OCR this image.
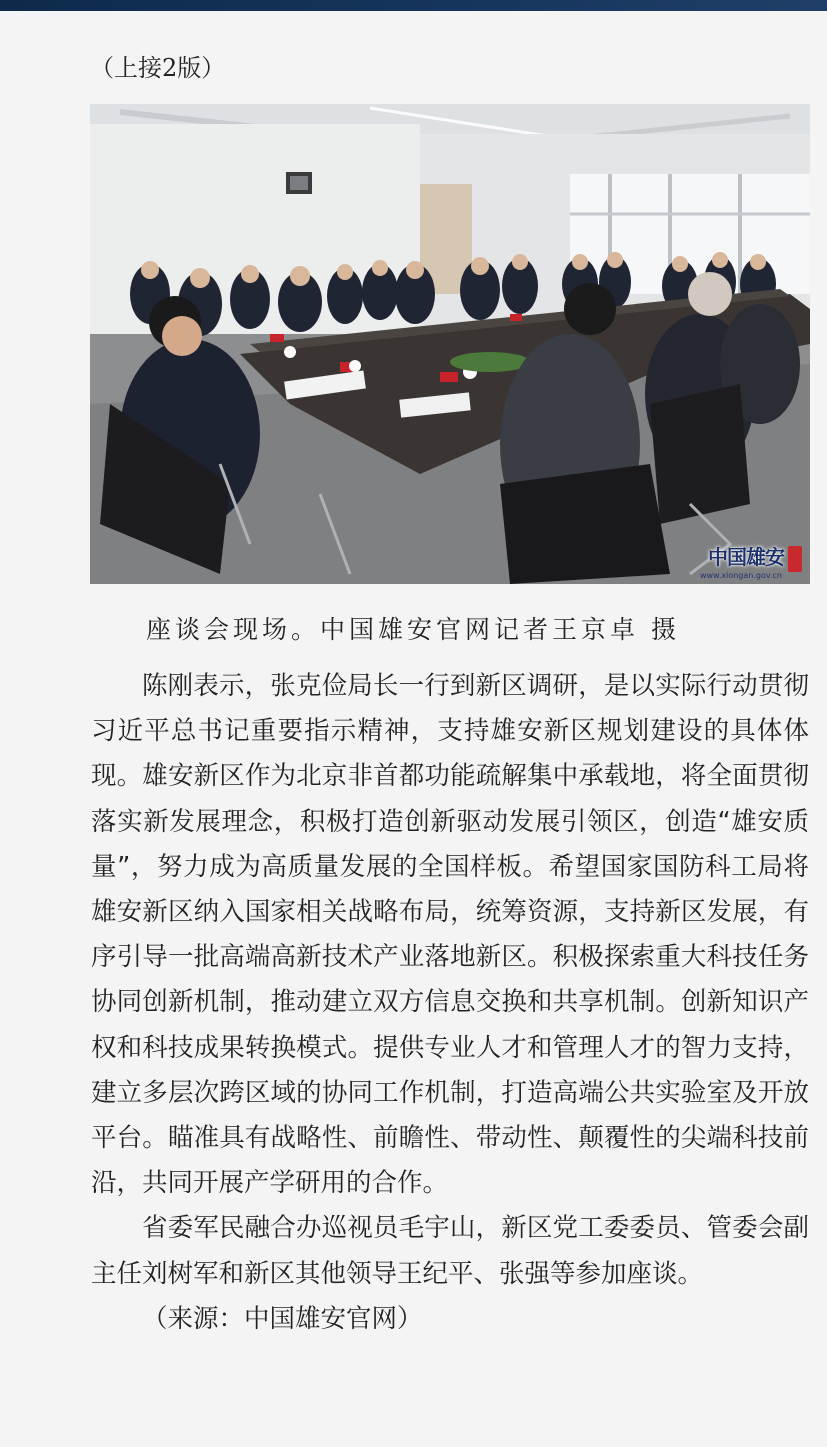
（上接2版）
中国雄安
www.xiongan.gov.cn
座谈会现场。中国雄安官网记者王京卓 摄

陈刚表示，张克俭局长一行到新区调研，是以实际行动贯彻习近平总书记重要指示精神，支持雄安新区规划建设的具体体现。雄安新区作为北京非首都功能疏解集中承载地，将全面贯彻落实新发展理念，积极打造创新驱动发展引领区，创造“雄安质量”，努力成为高质量发展的全国样板。希望国家国防科工局将雄安新区纳入国家相关战略布局，统筹资源，支持新区发展，有序引导一批高端高新技术产业落地新区。积极探索重大科技任务协同创新机制，推动建立双方信息交换和共享机制。创新知识产权和科技成果转换模式。提供专业人才和管理人才的智力支持，建立多层次跨区域的协同工作机制，打造高端公共实验室及开放平台。瞄准具有战略性、前瞻性、带动性、颠覆性的尖端科技前沿，共同开展产学研用的合作。

省委军民融合办巡视员毛宇山，新区党工委委员、管委会副主任刘树军和新区其他领导王纪平、张强等参加座谈。

（来源：中国雄安官网）
